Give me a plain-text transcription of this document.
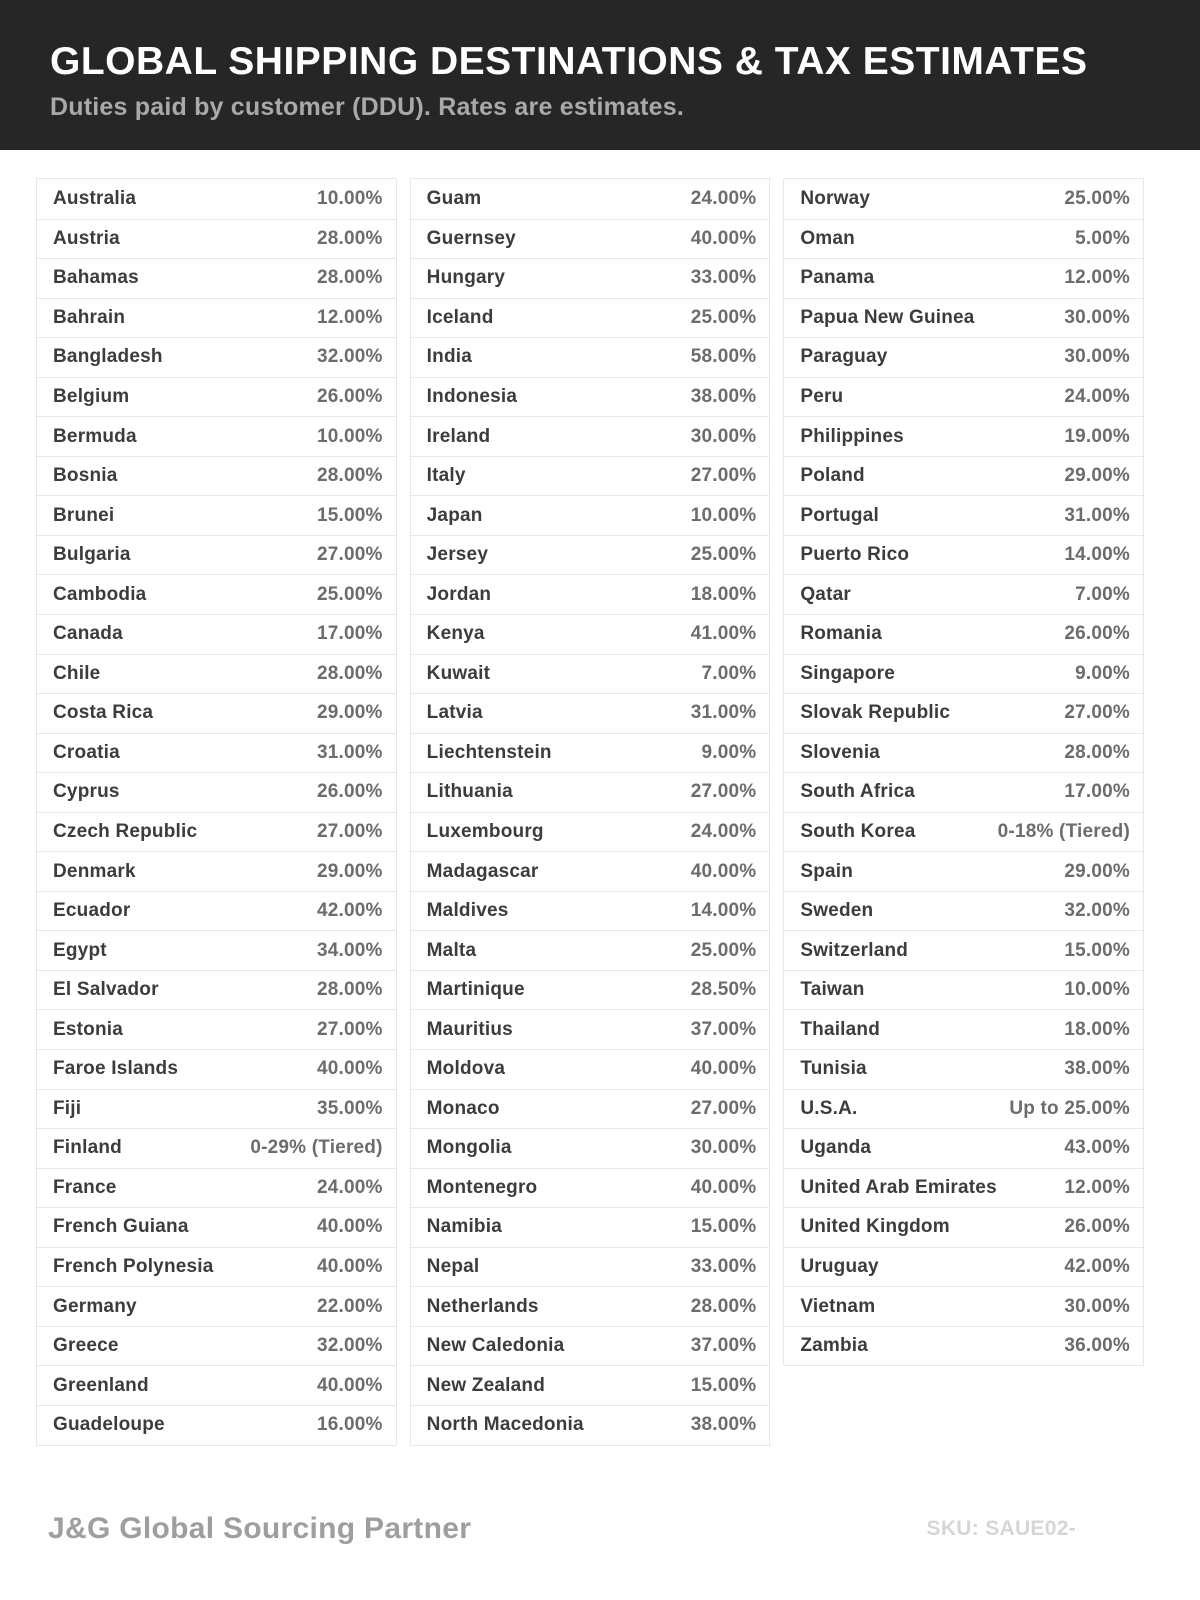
GLOBAL SHIPPING DESTINATIONS & TAX ESTIMATES
Duties paid by customer (DDU). Rates are estimates.
Australia	10.00%
Austria	28.00%
Bahamas	28.00%
Bahrain	12.00%
Bangladesh	32.00%
Belgium	26.00%
Bermuda	10.00%
Bosnia	28.00%
Brunei	15.00%
Bulgaria	27.00%
Cambodia	25.00%
Canada	17.00%
Chile	28.00%
Costa Rica	29.00%
Croatia	31.00%
Cyprus	26.00%
Czech Republic	27.00%
Denmark	29.00%
Ecuador	42.00%
Egypt	34.00%
El Salvador	28.00%
Estonia	27.00%
Faroe Islands	40.00%
Fiji	35.00%
Finland	0-29% (Tiered)
France	24.00%
French Guiana	40.00%
French Polynesia	40.00%
Germany	22.00%
Greece	32.00%
Greenland	40.00%
Guadeloupe	16.00%
Guam	24.00%
Guernsey	40.00%
Hungary	33.00%
Iceland	25.00%
India	58.00%
Indonesia	38.00%
Ireland	30.00%
Italy	27.00%
Japan	10.00%
Jersey	25.00%
Jordan	18.00%
Kenya	41.00%
Kuwait	7.00%
Latvia	31.00%
Liechtenstein	9.00%
Lithuania	27.00%
Luxembourg	24.00%
Madagascar	40.00%
Maldives	14.00%
Malta	25.00%
Martinique	28.50%
Mauritius	37.00%
Moldova	40.00%
Monaco	27.00%
Mongolia	30.00%
Montenegro	40.00%
Namibia	15.00%
Nepal	33.00%
Netherlands	28.00%
New Caledonia	37.00%
New Zealand	15.00%
North Macedonia	38.00%
Norway	25.00%
Oman	5.00%
Panama	12.00%
Papua New Guinea	30.00%
Paraguay	30.00%
Peru	24.00%
Philippines	19.00%
Poland	29.00%
Portugal	31.00%
Puerto Rico	14.00%
Qatar	7.00%
Romania	26.00%
Singapore	9.00%
Slovak Republic	27.00%
Slovenia	28.00%
South Africa	17.00%
South Korea	0-18% (Tiered)
Spain	29.00%
Sweden	32.00%
Switzerland	15.00%
Taiwan	10.00%
Thailand	18.00%
Tunisia	38.00%
U.S.A.	Up to 25.00%
Uganda	43.00%
United Arab Emirates	12.00%
United Kingdom	26.00%
Uruguay	42.00%
Vietnam	30.00%
Zambia	36.00%
J&G Global Sourcing Partner	SKU: SAUE02-
